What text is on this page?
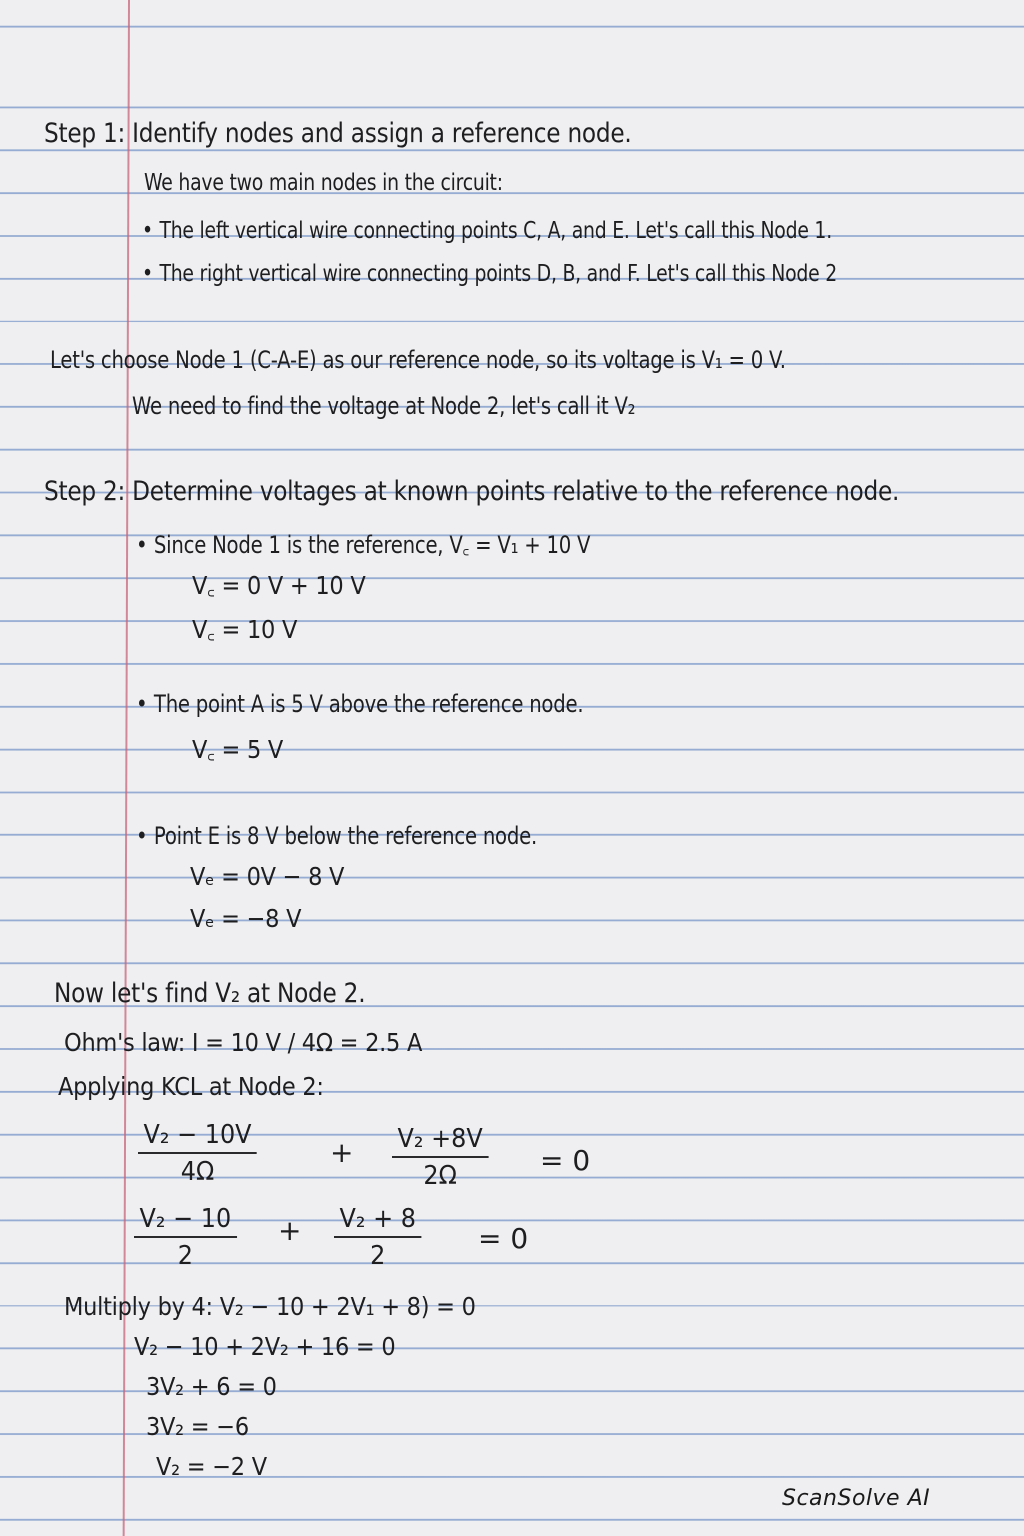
Step 1: Identify nodes and assign a reference node.
We have two main nodes in the circuit:
• The left vertical wire connecting points C, A, and E. Let's call this Node 1.
• The right vertical wire connecting points D, B, and F. Let's call this Node 2
Let's choose Node 1 (C-A-E) as our reference node, so its voltage is V₁ = 0 V.
We need to find the voltage at Node 2, let's call it V₂
Step 2: Determine voltages at known points relative to the reference node.
• Since Node 1 is the reference, V꜀ = V₁ + 10 V
V꜀ = 0 V + 10 V
V꜀ = 10 V
• The point A is 5 V above the reference node.
V꜀ = 5 V
• Point E is 8 V below the reference node.
Vₑ = 0V − 8 V
Vₑ = −8 V
Now let's find V₂ at Node 2.
Ohm's law: I = 10 V / 4Ω = 2.5 A
Applying KCL at Node 2:
$\frac{\text{V₂ − 10V}}{4\Omega}$	+ $\frac{\text{V₂ +8V}}{2\Omega} = 0$
$\frac{\text{V₂ − 10}}{2} + \frac{\text{V₂ + 8}}{2} = 0$
Multiply by 4: V₂ − 10 + 2V₁ + 8) = 0
V₂ − 10 + 2V₂ + 16 = 0
3V₂ + 6 = 0
3V₂ = −6
V₂ = −2 V
ScanSolve AI
